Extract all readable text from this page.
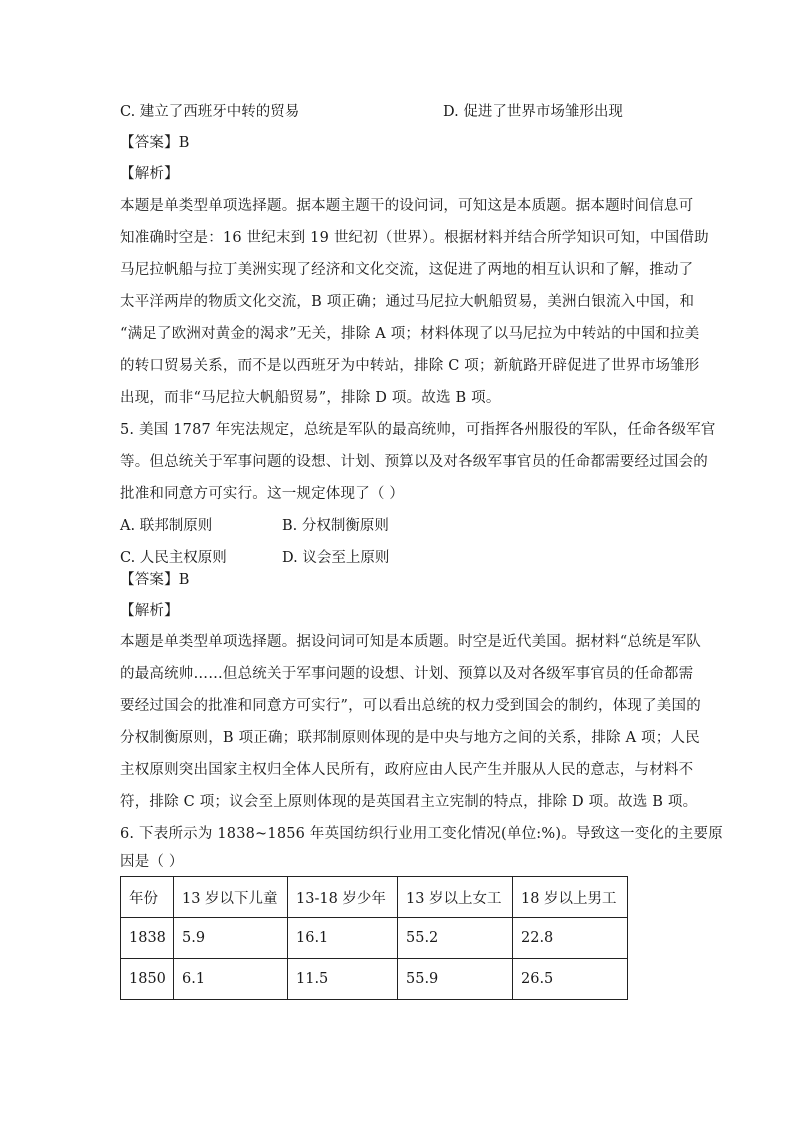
C. 建立了西班牙中转的贸易	D. 促进了世界市场雏形出现
【答案】B
【解析】
本题是单类型单项选择题。据本题主题干的设问词，可知这是本质题。据本题时间信息可
知准确时空是：16 世纪末到 19 世纪初（世界）。根据材料并结合所学知识可知，中国借助
马尼拉帆船与拉丁美洲实现了经济和文化交流，这促进了两地的相互认识和了解，推动了
太平洋两岸的物质文化交流，B 项正确；通过马尼拉大帆船贸易，美洲白银流入中国，和
“满足了欧洲对黄金的渴求”无关，排除 A 项；材料体现了以马尼拉为中转站的中国和拉美
的转口贸易关系，而不是以西班牙为中转站，排除 C 项；新航路开辟促进了世界市场雏形
出现，而非“马尼拉大帆船贸易”，排除 D 项。故选 B 项。
5. 美国 1787 年宪法规定，总统是军队的最高统帅，可指挥各州服役的军队，任命各级军官
等。但总统关于军事问题的设想、计划、预算以及对各级军事官员的任命都需要经过国会的
批准和同意方可实行。这一规定体现了（ ）
A. 联邦制原则	B. 分权制衡原则
C. 人民主权原则	D. 议会至上原则
【答案】B
【解析】
本题是单类型单项选择题。据设问词可知是本质题。时空是近代美国。据材料“总统是军队
的最高统帅……但总统关于军事问题的设想、计划、预算以及对各级军事官员的任命都需
要经过国会的批准和同意方可实行”，可以看出总统的权力受到国会的制约，体现了美国的
分权制衡原则，B 项正确；联邦制原则体现的是中央与地方之间的关系，排除 A 项；人民
主权原则突出国家主权归全体人民所有，政府应由人民产生并服从人民的意志，与材料不
符，排除 C 项；议会至上原则体现的是英国君主立宪制的特点，排除 D 项。故选 B 项。
6. 下表所示为 1838~1856 年英国纺织行业用工变化情况(单位:%)。导致这一变化的主要原
因是（ ）
年份	13 岁以下儿童	13-18 岁少年	13 岁以上女工	18 岁以上男工
1838	5.9	16.1	55.2	22.8
1850	6.1	11.5	55.9	26.5
